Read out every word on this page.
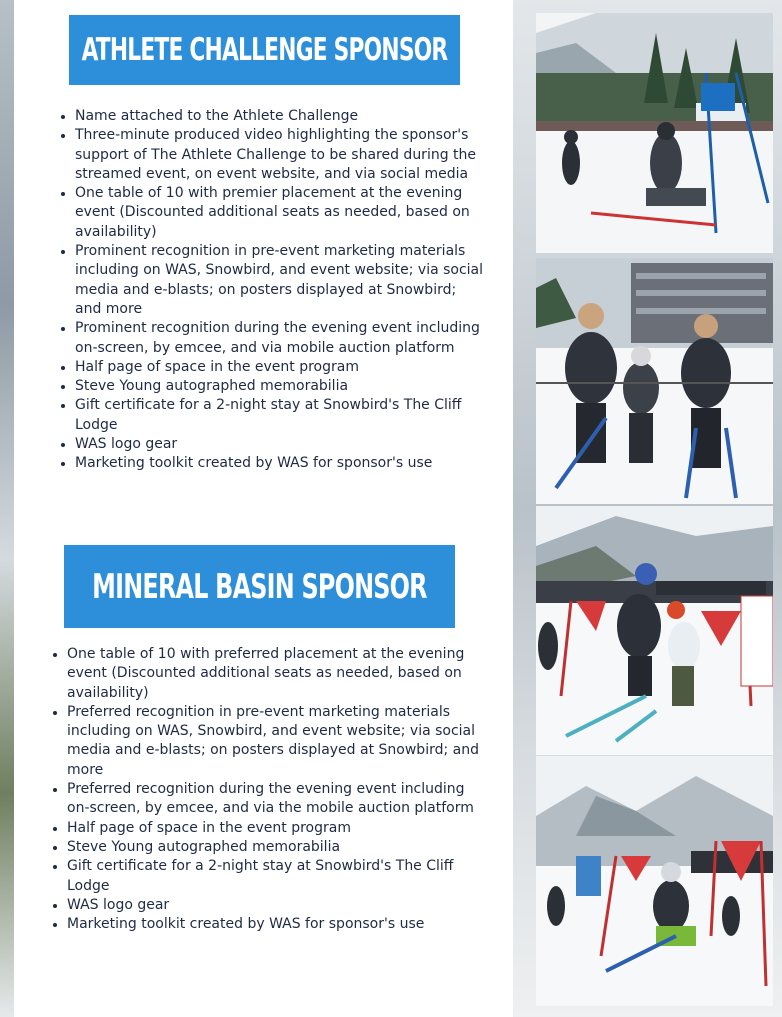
ATHLETE CHALLENGE SPONSOR
• Name attached to the Athlete Challenge
• Three-minute produced video highlighting the sponsor's support of The Athlete Challenge to be shared during the streamed event, on event website, and via social media
• One table of 10 with premier placement at the evening event (Discounted additional seats as needed, based on availability)
• Prominent recognition in pre-event marketing materials including on WAS, Snowbird, and event website; via social media and e-blasts; on posters displayed at Snowbird; and more
• Prominent recognition during the evening event including on-screen, by emcee, and via mobile auction platform
• Half page of space in the event program
• Steve Young autographed memorabilia
• Gift certificate for a 2-night stay at Snowbird's The Cliff Lodge
• WAS logo gear
• Marketing toolkit created by WAS for sponsor's use
MINERAL BASIN SPONSOR
• One table of 10 with preferred placement at the evening event (Discounted additional seats as needed, based on availability)
• Preferred recognition in pre-event marketing materials including on WAS, Snowbird, and event website; via social media and e-blasts; on posters displayed at Snowbird; and more
• Preferred recognition during the evening event including on-screen, by emcee, and via the mobile auction platform
• Half page of space in the event program
• Steve Young autographed memorabilia
• Gift certificate for a 2-night stay at Snowbird's The Cliff Lodge
• WAS logo gear
• Marketing toolkit created by WAS for sponsor's use
